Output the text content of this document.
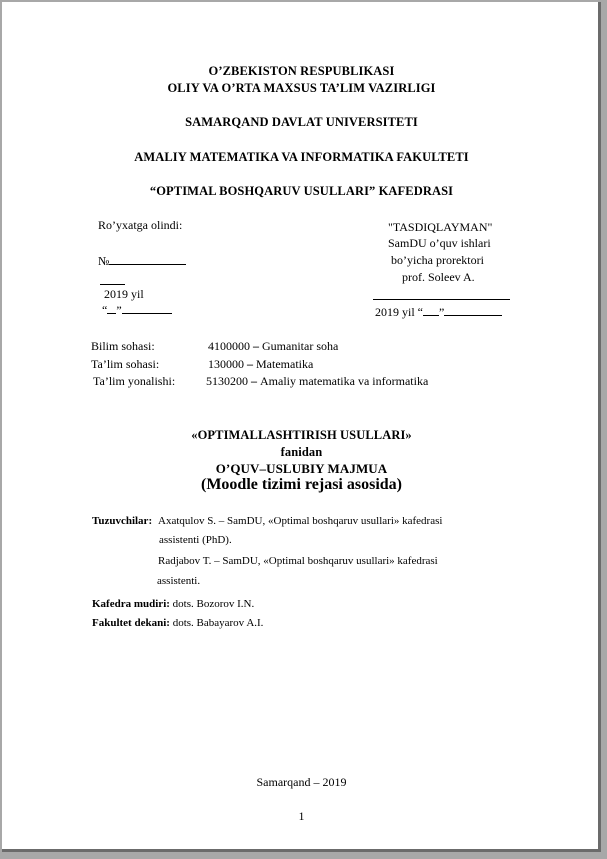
O’ZBEKISTON RESPUBLIKASI
OLIY VA O’RTA MAXSUS TA’LIM VAZIRLIGI
SAMARQAND DAVLAT UNIVERSITETI
AMALIY MATEMATIKA VA INFORMATIKA FAKULTETI
“OPTIMAL BOSHQARUV USULLARI” KAFEDRASI
Ro’yxatga olindi:
№
2019 yil
“ ”
"TASDIQLAYMAN"
SamDU o’quv ishlari
bo’yicha prorektori
prof. Soleev A.
2019 yil “ ”
Bilim sohasi:	4100000 – Gumanitar soha
Ta’lim sohasi:	130000 – Matematika
Ta’lim yonalishi:	5130200 – Amaliy matematika va informatika
«OPTIMALLASHTIRISH USULLARI»
fanidan
O’QUV–USLUBIY MAJMUA
(Moodle tizimi rejasi asosida)
Tuzuvchilar: Axatqulov S. – SamDU, «Optimal boshqaruv usullari» kafedrasi
assistenti (PhD).
Radjabov T. – SamDU, «Optimal boshqaruv usullari» kafedrasi
assistenti.
Kafedra mudiri: dots. Bozorov I.N.
Fakultet dekani: dots. Babayarov A.I.
Samarqand – 2019
1
